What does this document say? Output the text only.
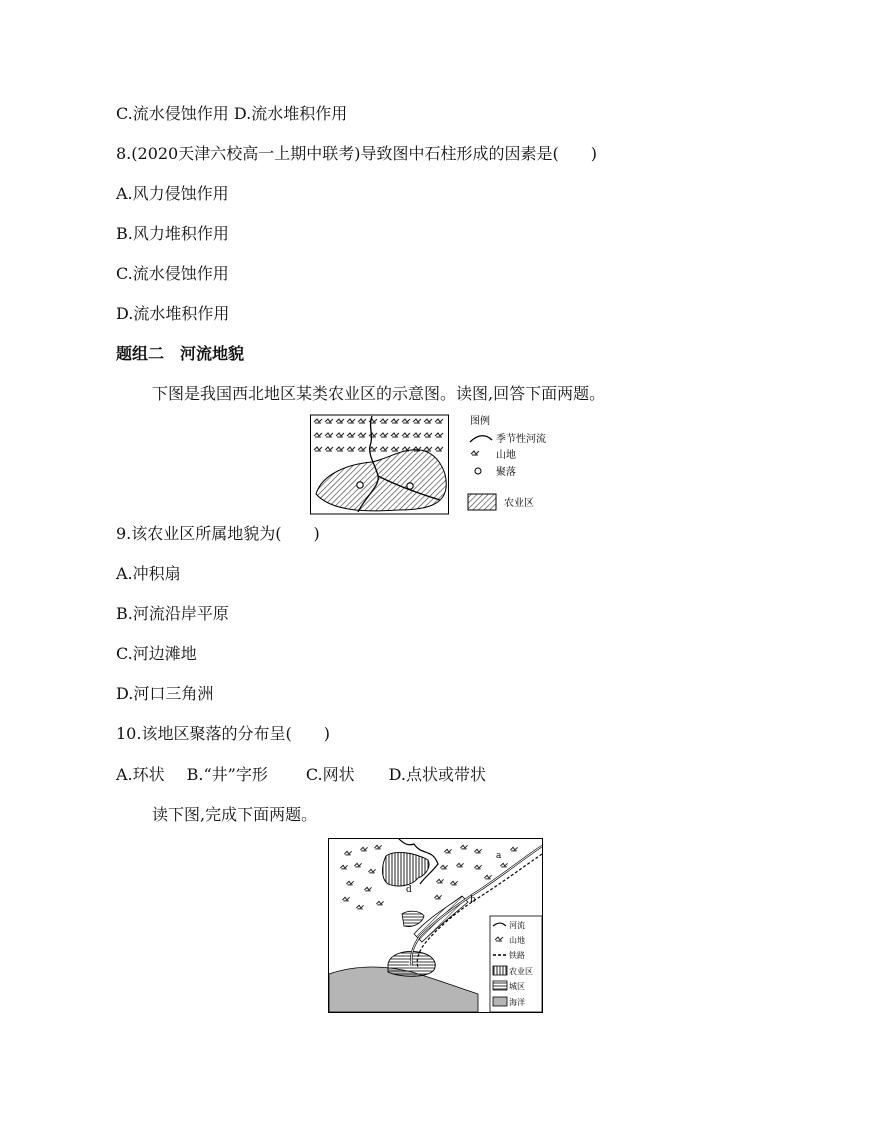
C.流水侵蚀作用 D.流水堆积作用
8.(2020天津六校高一上期中联考)导致图中石柱形成的因素是(　　)
A.风力侵蚀作用
B.风力堆积作用
C.流水侵蚀作用
D.流水堆积作用
题组二　河流地貌
下图是我国西北地区某类农业区的示意图。读图,回答下面两题。
图例
季节性河流
山地
聚落
农业区
9.该农业区所属地貌为(　　)
A.冲积扇
B.河流沿岸平原
C.河边滩地
D.河口三角洲
10.该地区聚落的分布呈(　　)
A.环状 B.“井”字形 C.网状 D.点状或带状
读下图,完成下面两题。
a
b
c
d
河流
山地
铁路
农业区
城区
海洋
